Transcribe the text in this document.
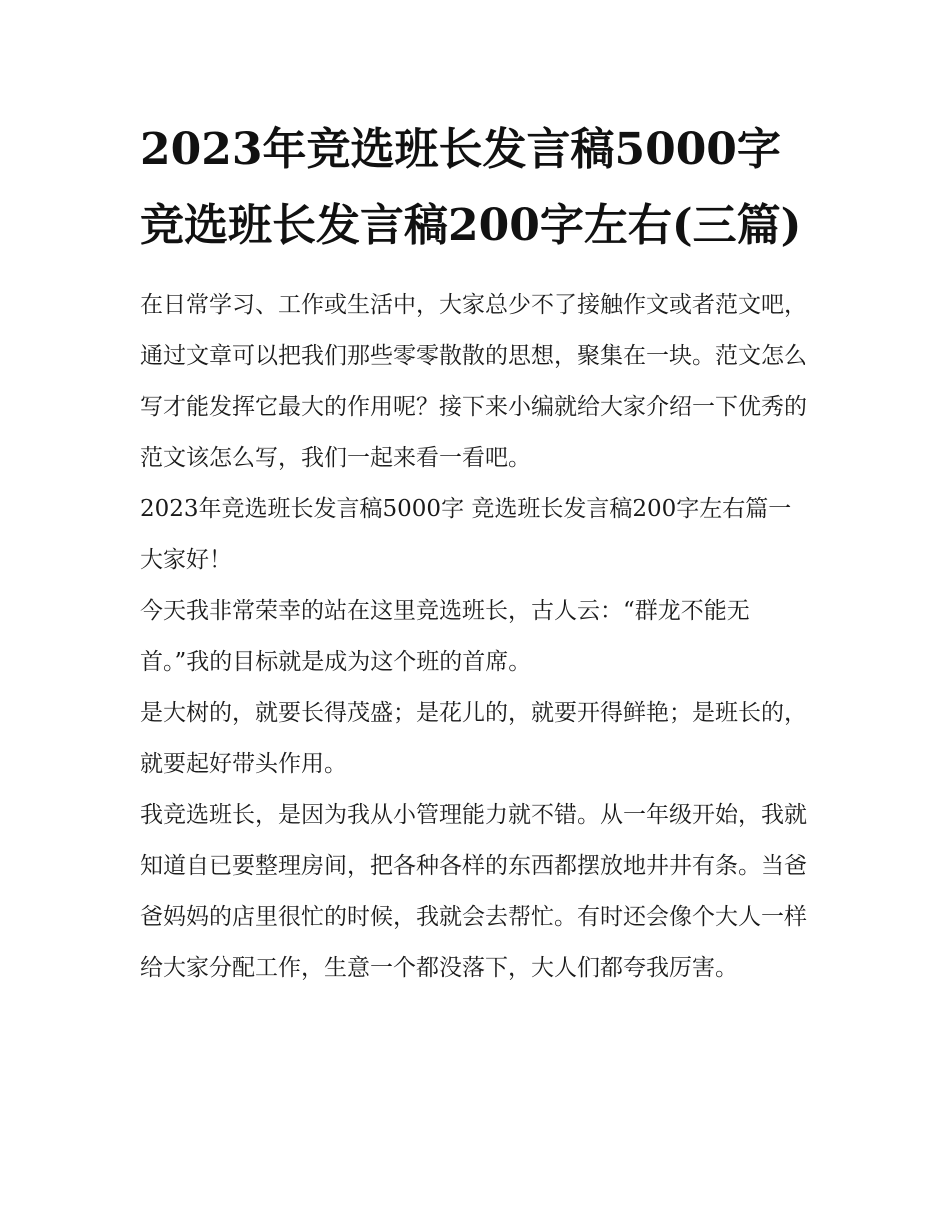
2023年竞选班长发言稿5000字 竞选班长发言稿200字左右(三篇)

在日常学习、工作或生活中，大家总少不了接触作文或者范文吧，通过文章可以把我们那些零零散散的思想，聚集在一块。范文怎么写才能发挥它最大的作用呢？接下来小编就给大家介绍一下优秀的范文该怎么写，我们一起来看一看吧。

2023年竞选班长发言稿5000字 竞选班长发言稿200字左右篇一 大家好！

今天我非常荣幸的站在这里竞选班长，古人云：“群龙不能无首。”我的目标就是成为这个班的首席。

是大树的，就要长得茂盛；是花儿的，就要开得鲜艳；是班长的，就要起好带头作用。

我竞选班长，是因为我从小管理能力就不错。从一年级开始，我就知道自已要整理房间，把各种各样的东西都摆放地井井有条。当爸爸妈妈的店里很忙的时候，我就会去帮忙。有时还会像个大人一样给大家分配工作，生意一个都没落下，大人们都夸我厉害。
